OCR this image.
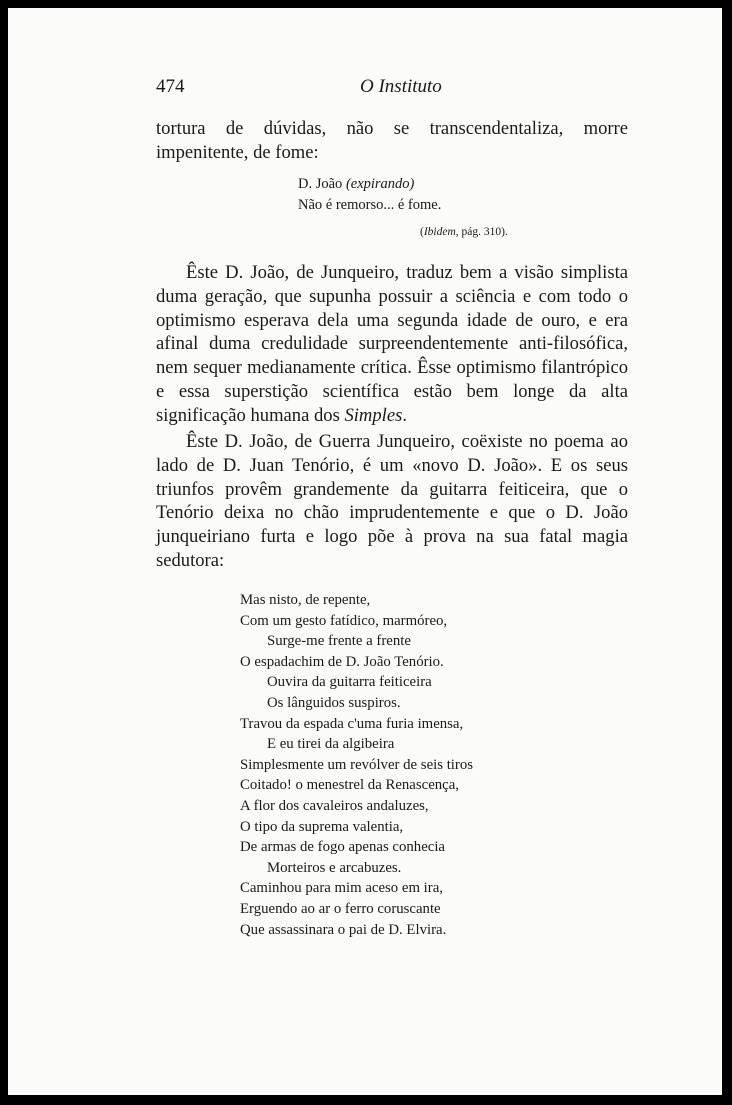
474	O Instituto

tortura de dúvidas, não se transcendentaliza, morre impenitente, de fome:

D. João (expirando)
Não é remorso... é fome.
(Ibidem, pág. 310).

Êste D. João, de Junqueiro, traduz bem a visão simplista duma geração, que supunha possuir a sciência e com todo o optimismo esperava dela uma segunda idade de ouro, e era afinal duma credulidade surpreendentemente anti-filosófica, nem sequer medianamente crítica. Êsse optimismo filantrópico e essa superstição scientífica estão bem longe da alta significação humana dos Simples.

Êste D. João, de Guerra Junqueiro, coëxiste no poema ao lado de D. Juan Tenório, é um «novo D. João». E os seus triunfos provêm grandemente da guitarra feiticeira, que o Tenório deixa no chão imprudentemente e que o D. João junqueiriano furta e logo põe à prova na sua fatal magia sedutora:

Mas nisto, de repente,
Com um gesto fatídico, marmóreo,
Surge-me frente a frente
O espadachim de D. João Tenório.
Ouvira da guitarra feiticeira
Os lânguidos suspiros.
Travou da espada c'uma furia imensa,
E eu tirei da algibeira
Simplesmente um revólver de seis tiros
Coitado! o menestrel da Renascença,
A flor dos cavaleiros andaluzes,
O tipo da suprema valentia,
De armas de fogo apenas conhecia
Morteiros e arcabuzes.
Caminhou para mim aceso em ira,
Erguendo ao ar o ferro coruscante
Que assassinara o pai de D. Elvira.
